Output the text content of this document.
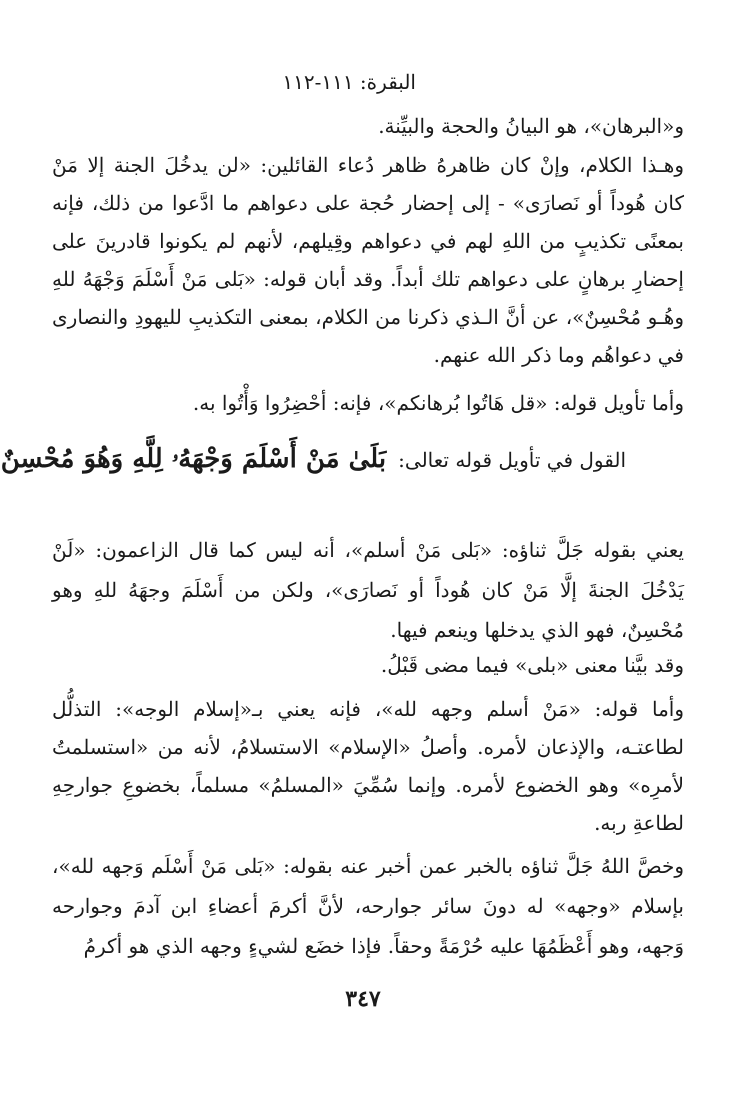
البقرة: ١١١-١١٢

و«البرهان»، هو البيانُ والحجة والبيِّنة.

وهـذا الكلام، وإنْ كان ظاهرهُ ظاهر دُعاء القائلين: «لن يدخُلَ الجنة إلا مَنْ كان هُوداً أو نَصارَى» - إلى إحضار حُجة على دعواهم ما ادَّعوا من ذلك، فإنه بمعنًى تكذيبٍ من اللهِ لهم في دعواهم وقِيلهم، لأنهم لم يكونوا قادرينَ على إحضارِ برهانٍ على دعواهم تلك أبداً. وقد أبان قوله: «بَلى مَنْ أَسْلَمَ وَجْهَهُ للهِ وهُـو مُحْسِنٌ»، عن أنَّ الـذي ذكرنا من الكلام، بمعنى التكذيبِ لليهودِ والنصارى في دعواهُم وما ذكر الله عنهم.

وأما تأويل قوله: «قل هَاتُوا بُرهانكم»، فإنه: أحْضِرُوا وَأْتُوا به.

القول في تأويل قوله تعالى:بَلَىٰ مَنْ أَسْلَمَ وَجْهَهُۥ لِلَّهِ وَهُوَ مُحْسِنٌ

يعني بقوله جَلَّ ثناؤه: «بَلى مَنْ أسلم»، أنه ليس كما قال الزاعمون: «لَنْ يَدْخُلَ الجنةَ إلَّا مَنْ كان هُوداً أو نَصارَى»، ولكن من أَسْلَمَ وجهَهُ للهِ وهو مُحْسِنٌ، فهو الذي يدخلها وينعم فيها.

وقد بيَّنا معنى «بلى» فيما مضى قَبْلُ.

وأما قوله: «مَنْ أسلم وجهه لله»، فإنه يعني بـ«إسلام الوجه»: التذلُّل لطاعتـه، والإذعان لأمره. وأصلُ «الإسلام» الاستسلامُ، لأنه من «استسلمتُ لأمرِه» وهو الخضوع لأمره. وإنما سُمِّيَ «المسلمُ» مسلماً، بخضوعِ جوارحِهِ لطاعةِ ربه.

وخصَّ اللهُ جَلَّ ثناؤه بالخبر عمن أخبر عنه بقوله: «بَلى مَنْ أَسْلَم وَجهه لله»، بإسلام «وجهه» له دونَ سائر جوارحه، لأنَّ أكرمَ أعضاءِ ابن آدمَ وجوارحه وَجهه، وهو أَعْظَمُهَا عليه حُرْمَةً وحقاً. فإذا خضَع لشيءٍ وجهه الذي هو أكرمُ

٣٤٧
